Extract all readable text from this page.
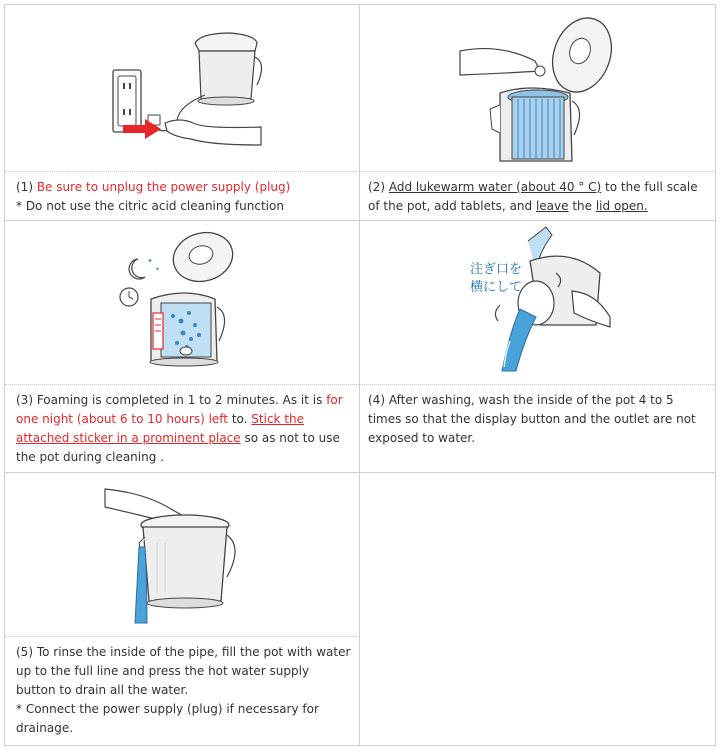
(1) Be sure to unplug the power supply (plug)
* Do not use the citric acid cleaning function
(2) Add lukewarm water (about 40 ° C) to the full scale of the pot, add tablets, and leave the lid open.
✦
✦
(3) Foaming is completed in 1 to 2 minutes. As it is for one night (about 6 to 10 hours) left to. Stick the attached sticker in a prominent place so as not to use the pot during cleaning .
注ぎ口を
横にして
(4) After washing, wash the inside of the pot 4 to 5 times so that the display button and the outlet are not exposed to water.
(5) To rinse the inside of the pipe, fill the pot with water up to the full line and press the hot water supply button to drain all the water.
* Connect the power supply (plug) if necessary for drainage.
